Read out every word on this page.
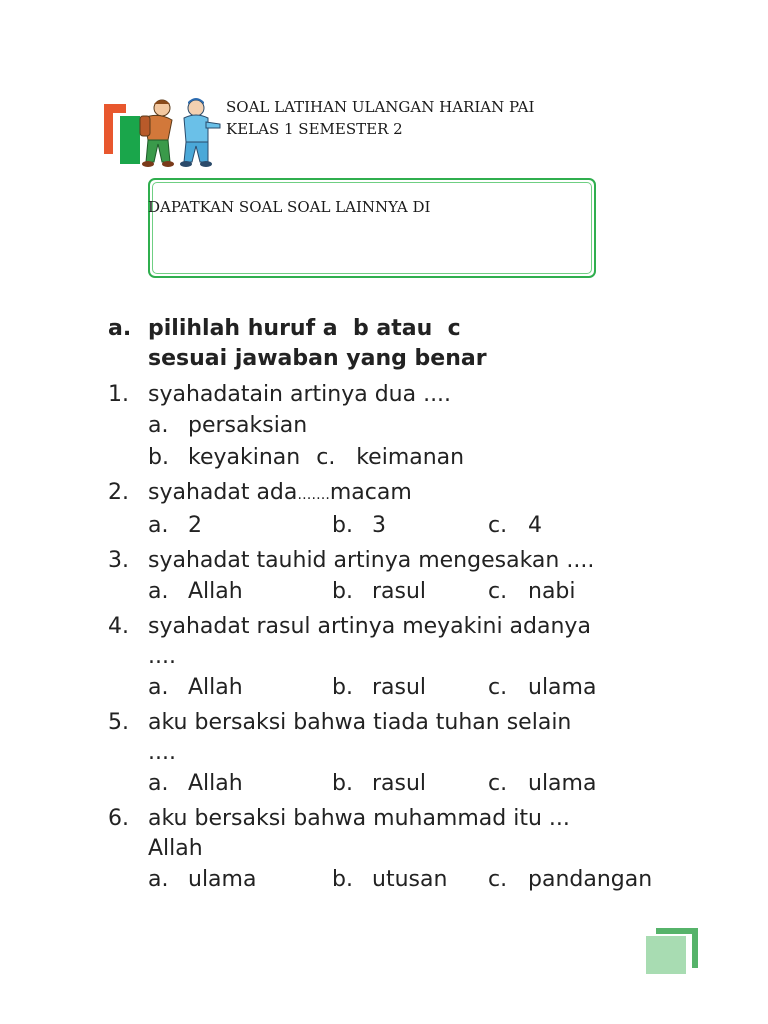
SOAL LATIHAN ULANGAN HARIAN PAI
KELAS 1 SEMESTER 2
DAPATKAN SOAL SOAL LAINNYA DI
a. pilihlah huruf a  b atau  c
sesuai jawaban yang benar
1. syahadatain artinya dua ....
a. persaksian
b. keyakinan c. keimanan
2. syahadat ada…….macam
a. 2	b. 3	c. 4
3. syahadat tauhid artinya mengesakan ....
a. Allah	b. rasul	c. nabi
4. syahadat rasul artinya meyakini adanya
....
a. Allah	b. rasul	c. ulama
5. aku bersaksi bahwa tiada tuhan selain
....
a. Allah	b. rasul	c. ulama
6. aku bersaksi bahwa muhammad itu ...
Allah
a. ulama	b. utusan c. pandangan
